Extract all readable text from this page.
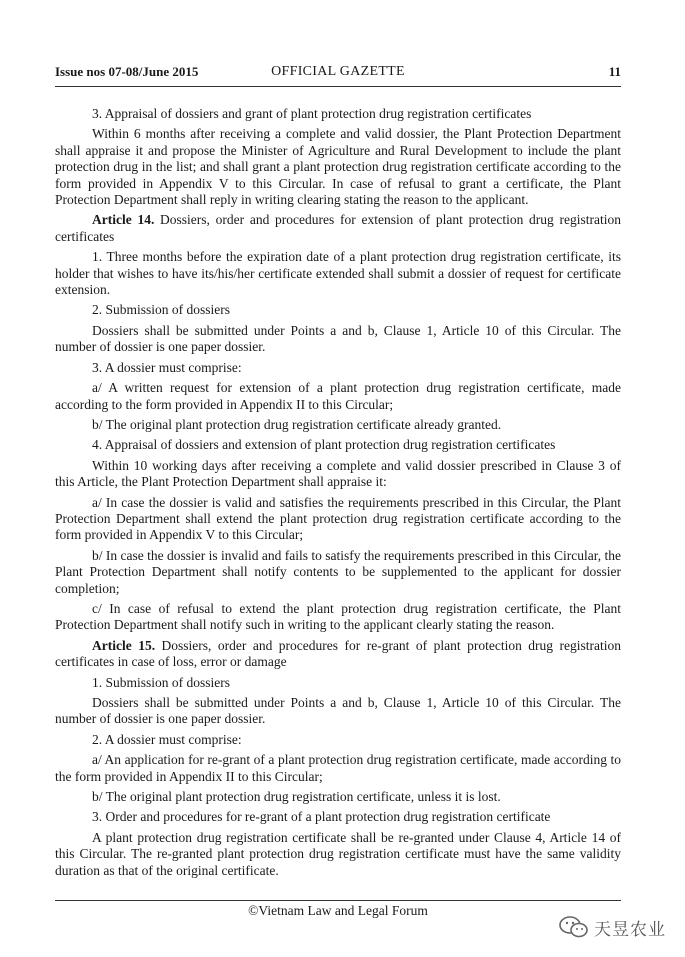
Issue nos 07-08/June 2015	OFFICIAL GAZETTE	11

3. Appraisal of dossiers and grant of plant protection drug registration certificates

Within 6 months after receiving a complete and valid dossier, the Plant Protection Department shall appraise it and propose the Minister of Agriculture and Rural Development to include the plant protection drug in the list; and shall grant a plant protection drug registration certificate according to the form provided in Appendix V to this Circular. In case of refusal to grant a certificate, the Plant Protection Department shall reply in writing clearing stating the reason to the applicant.

Article 14. Dossiers, order and procedures for extension of plant protection drug registration certificates

1. Three months before the expiration date of a plant protection drug registration certificate, its holder that wishes to have its/his/her certificate extended shall submit a dossier of request for certificate extension.

2. Submission of dossiers

Dossiers shall be submitted under Points a and b, Clause 1, Article 10 of this Circular. The number of dossier is one paper dossier.

3. A dossier must comprise:

a/ A written request for extension of a plant protection drug registration certificate, made according to the form provided in Appendix II to this Circular;

b/ The original plant protection drug registration certificate already granted.

4. Appraisal of dossiers and extension of plant protection drug registration certificates

Within 10 working days after receiving a complete and valid dossier prescribed in Clause 3 of this Article, the Plant Protection Department shall appraise it:

a/ In case the dossier is valid and satisfies the requirements prescribed in this Circular, the Plant Protection Department shall extend the plant protection drug registration certificate according to the form provided in Appendix V to this Circular;

b/ In case the dossier is invalid and fails to satisfy the requirements prescribed in this Circular, the Plant Protection Department shall notify contents to be supplemented to the applicant for dossier completion;

c/ In case of refusal to extend the plant protection drug registration certificate, the Plant Protection Department shall notify such in writing to the applicant clearly stating the reason.

Article 15. Dossiers, order and procedures for re-grant of plant protection drug registration certificates in case of loss, error or damage

1. Submission of dossiers

Dossiers shall be submitted under Points a and b, Clause 1, Article 10 of this Circular. The number of dossier is one paper dossier.

2. A dossier must comprise:

a/ An application for re-grant of a plant protection drug registration certificate, made according to the form provided in Appendix II to this Circular;

b/ The original plant protection drug registration certificate, unless it is lost.

3. Order and procedures for re-grant of a plant protection drug registration certificate

A plant protection drug registration certificate shall be re-granted under Clause 4, Article 14 of this Circular. The re-granted plant protection drug registration certificate must have the same validity duration as that of the original certificate.

©Vietnam Law and Legal Forum
天昱农业
